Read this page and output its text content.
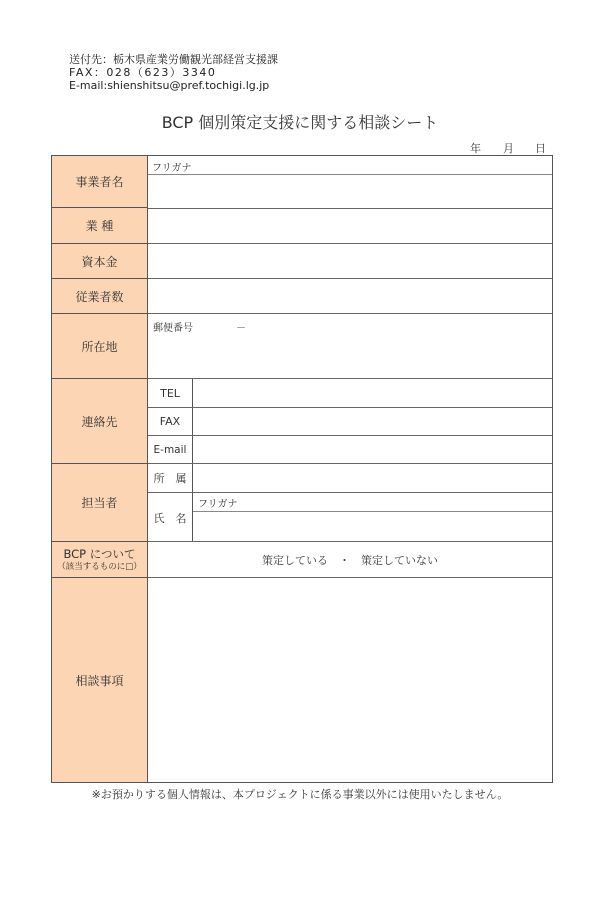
送付先：栃木県産業労働観光部経営支援課
FAX：028（623）3340
E-mail:shienshitsu@pref.tochigi.lg.jp
BCP 個別策定支援に関する相談シート
年 月 日
事業者名
フリガナ
業 種
資本金
従業者数
所在地
郵便番号	－
連絡先
TEL
FAX
E-mail
担当者
所　属
氏　名
フリガナ
BCP について
（該当するものに□）	策定している　・　策定していない
相談事項
※お預かりする個人情報は、本プロジェクトに係る事業以外には使用いたしません。
